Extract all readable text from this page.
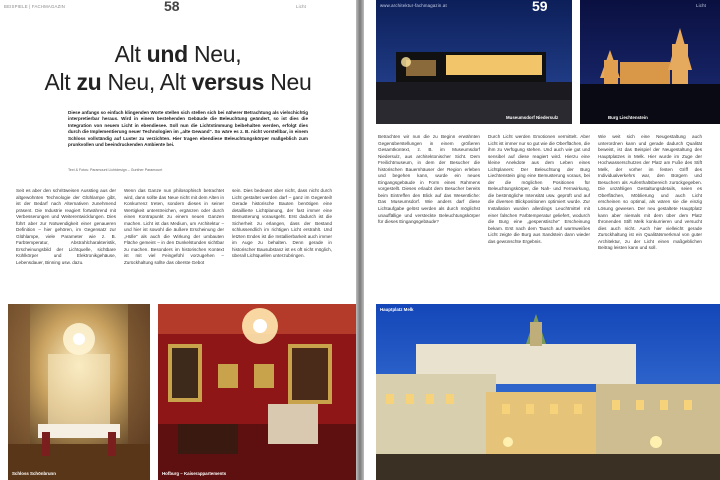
BEISPIELE | FACHMAGAZIN	58	Licht
Alt und Neu,
Alt zu Neu, Alt versus Neu
Diese anfangs so einfach klingenden Worte stellen sich stellen sich bei näherer Betrachtung als vielschichtig interpretierbar heraus. Wird in einem bestehenden Gebäude die Beleuchtung geändert, so ist dies die Integration von neuem Licht in ebendiesee. Soll nun die Lichtstimmung beibehalten werden, erfolgt dies durch die Implementierung neuer Technologien im „alte Gewand“. So wäre es z. B. nicht vorstellbar, in einem Schloss vollständig auf Luster zu verzichten. Hier tragen ebendiese Beleuchtungskörper maßgeblich zum prunkvollen und beeindruckenden Ambiente bei.
Text & Fotos: Paramount Lichtdesign – Gunther Paramount
Seit es aber den schrittweisen Ausstieg aus der altgewohnten Technologie der Glühlampe gibt, ist der Bedarf nach Alternativen zunehmend präsent. Die Industrie reagiert fortwährend mit Verbesserungen und Weiterentwicklungen. Dies führt aber zur Notwendigkeit einer genaueren Definition – hier gehören, im Gegensatz zur Glühlampe, viele Parameter wie z. B. Farbtemperatur, Abstrahlcharakteristik, Erscheinungsbild der Lichtquelle, sichtbare Kühlkörper und Elektronikgehäuse, Lebensdauer, Binning usw. dazu.
Wenn das Ganze nun philosophisch betrachtet wird, dann sollte das Neue nicht mit dem Alten in Konkurrenz treten, sondern dieses in seiner Wertigkeit unterstreichen, ergänzen oder durch einen Kontrapunkt zu einem neuen Ganzen machen. Licht ist das Medium, um Architektur – und hier ist sowohl die äußere Erscheinung der „Hülle“ als auch die Wirkung der umbauten Fläche gemeint – in den Dunkelstunden sichtbar zu machen. Besonders im historischen Kontext ist mit viel Feingefühl vorzugehen – Zurückhaltung sollte das oberste Gebot
sein. Dies bedeutet aber nicht, dass nicht durch Licht gestaltet werden darf – ganz im Gegenteil! Gerade historische Bauten benötigen eine detaillierte Lichtplanung, der fast immer eine Bemusterung vorausgeht. Erst dadurch ist die Sicherheit zu erlangen, dass der Bestand schlussendlich im richtigen Licht erstrahlt. Und letzten Endes ist die Installierbarkeit auch immer im Auge zu behalten. Denn gerade in historischer Bausubstanz ist es oft nicht möglich, überall Lichtquellen unterzubringen.
Schloss Schönbrunn	Hofburg – Kaiserappartements
Museumsdorf Niedersulz
www.architektur-fachmagazin.at	59	Licht
Burg Liechtenstein
Betrachten wir nun die zu Beginn erwähnten Gegenüberstellungen in einem größeren Gesamtkontext, z. B. im Museumsdorf Niedersulz, aus architektonischer Sicht. Dem Freilichtmuseum, in dem der Besucher die historischen Bauernhäuser der Region erleben und begehen kann, wurde ein neues Eingangsgebäude in Form eines Rahmens vorgestellt. Dieses erlaubt dem Besucher bereits beim Eintreffen den Blick auf das Wesentliche: Das Museumsdorf. Wie anders darf diese Lichtaufgabe gelöst werden als durch möglichst unauffällige und versteckte Beleuchtungskörper für dieses Eingangsgebäude?
Durch Licht werden Emotionen vermittelt. Aber Licht ist immer nur so gut wie die Oberflächen, die ihm zu Verfügung stehen. Und auch wie gut und sensibel auf diese reagiert wird. Hierzu eine kleine Anekdote aus dem Leben eines Lichtplaners: Der Beleuchtung der Burg Liechtenstein ging eine Bemusterung voraus, bei der die möglichen Positionen für Beleuchtungskörper, die Nah- und Fernwirkung, die bestmögliche Intensität usw. geprüft und auf die diversen Blickpositionen optimiert wurde. Zur Installation wurden allerdings Leuchtmittel mit einer falschen Farbtemperatur geliefert, wodurch die Burg eine „gespenstische“ Erscheinung bekam. Erst nach dem Tausch auf warmweißes Licht zeigte die Burg aus Sandstein dann wieder das gewünschte Ergebnis.
Wie weit sich eine Neugestaltung auch unterordnen kann und gerade dadurch Qualität beweist, ist das Beispiel der Neugestaltung des Hauptplatzes in Melk. Hier wurde im Zuge der Hochwasserschutzes der Platz am Fuße des Stift Melk, der vorher im festen Griff des Individualverkehrs war, den Bürgern und Besuchern als Aufenthaltsbereich zurückgegeben. Die unzähligen Gestaltungsdetails, seien es Oberflächen, Möblierung und auch Licht erscheinen so optimal, als wären sie die einzig Lösung gewesen. Der neu gestaltete Hauptplatz kann aber niemals mit dem über dem Platz thronenden Stift Melk konkurrieren und versucht dies auch nicht. Auch hier vielleicht gerade Zurückhaltung ist ein Qualitätsmerkmal von guter Architektur, zu der Licht einen maßgeblichen Beitrag leisten kann und soll.
Hauptplatz Melk
